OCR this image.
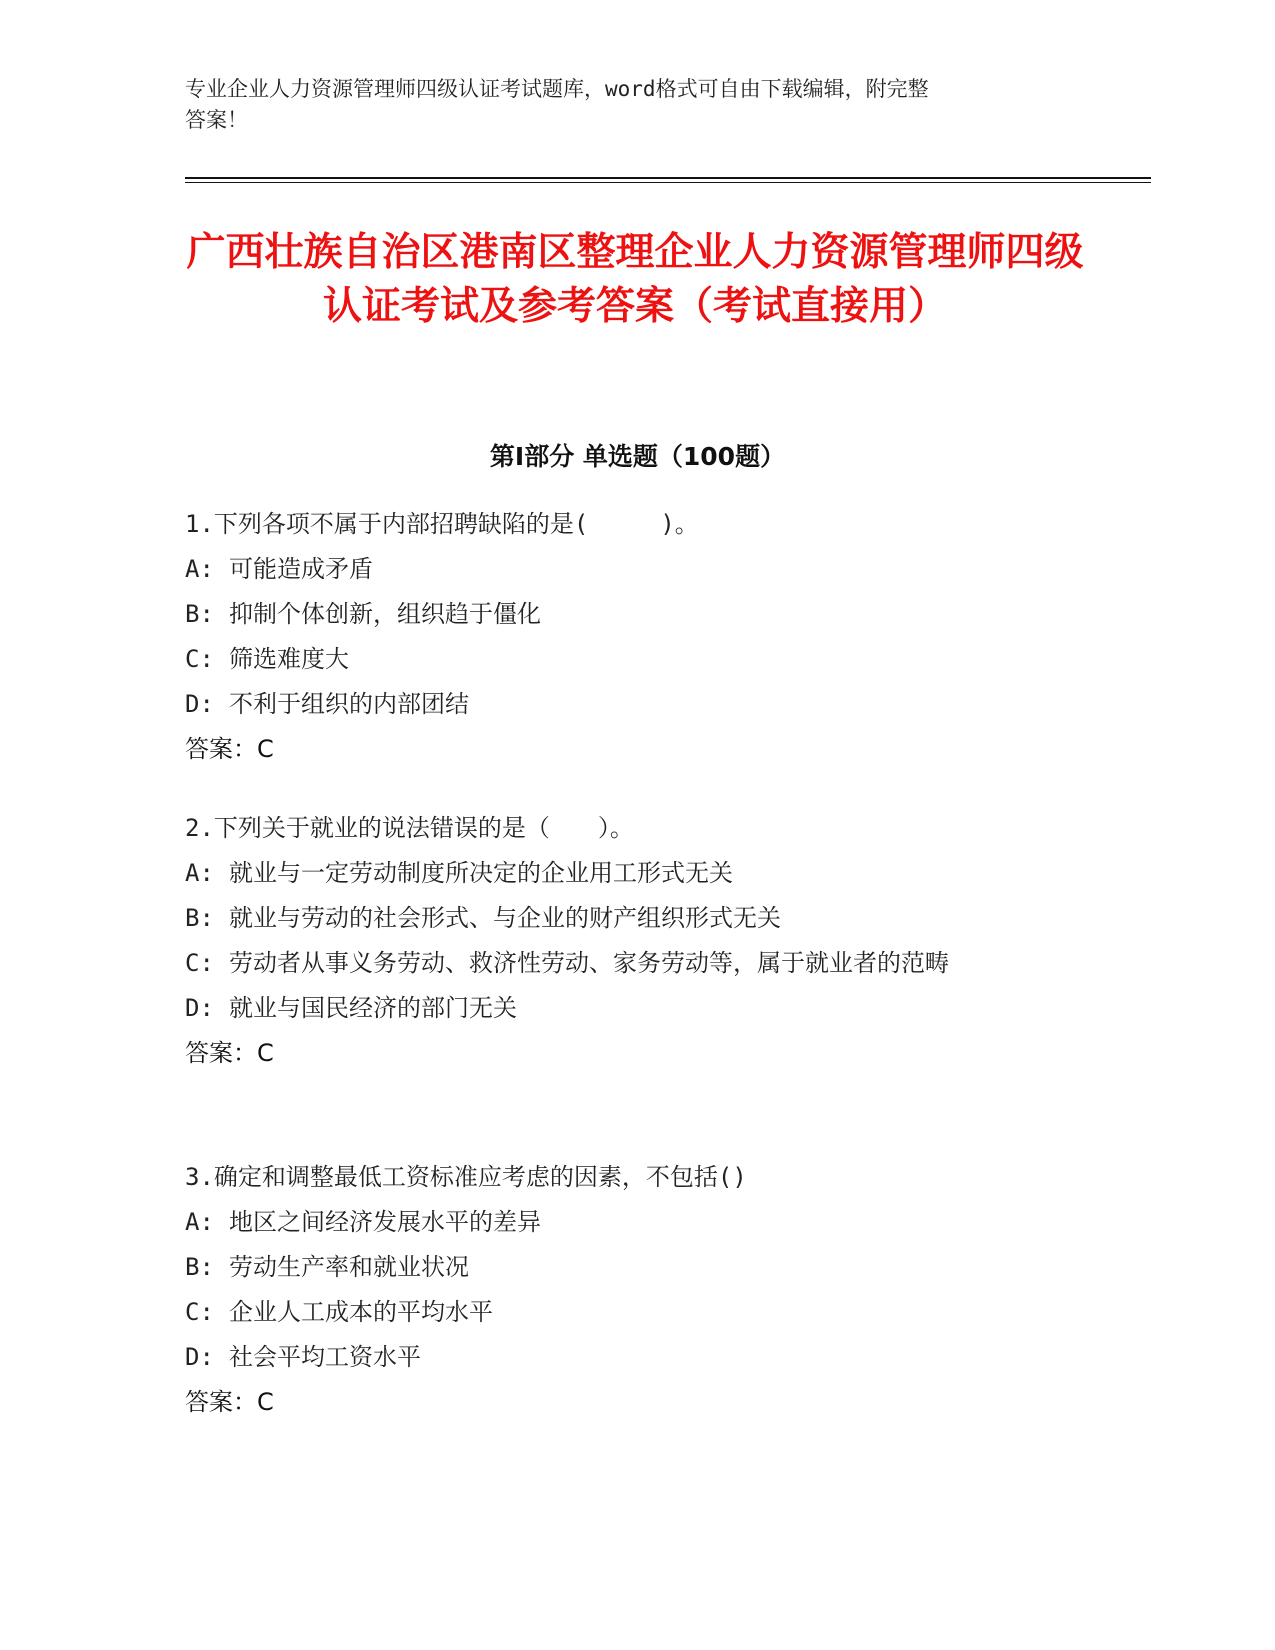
专业企业人力资源管理师四级认证考试题库，word格式可自由下载编辑，附完整
答案！
广西壮族自治区港南区整理企业人力资源管理师四级认证考试及参考答案（考试直接用）
第Ⅰ部分 单选题（100题）

1.下列各项不属于内部招聘缺陷的是(　　　)。

A: 可能造成矛盾

B: 抑制个体创新，组织趋于僵化

C: 筛选难度大

D: 不利于组织的内部团结

答案：C

2.下列关于就业的说法错误的是（　　）。

A: 就业与一定劳动制度所决定的企业用工形式无关

B: 就业与劳动的社会形式、与企业的财产组织形式无关

C: 劳动者从事义务劳动、救济性劳动、家务劳动等，属于就业者的范畴

D: 就业与国民经济的部门无关

答案：C

3.确定和调整最低工资标准应考虑的因素，不包括()

A: 地区之间经济发展水平的差异

B: 劳动生产率和就业状况

C: 企业人工成本的平均水平

D: 社会平均工资水平

答案：C
